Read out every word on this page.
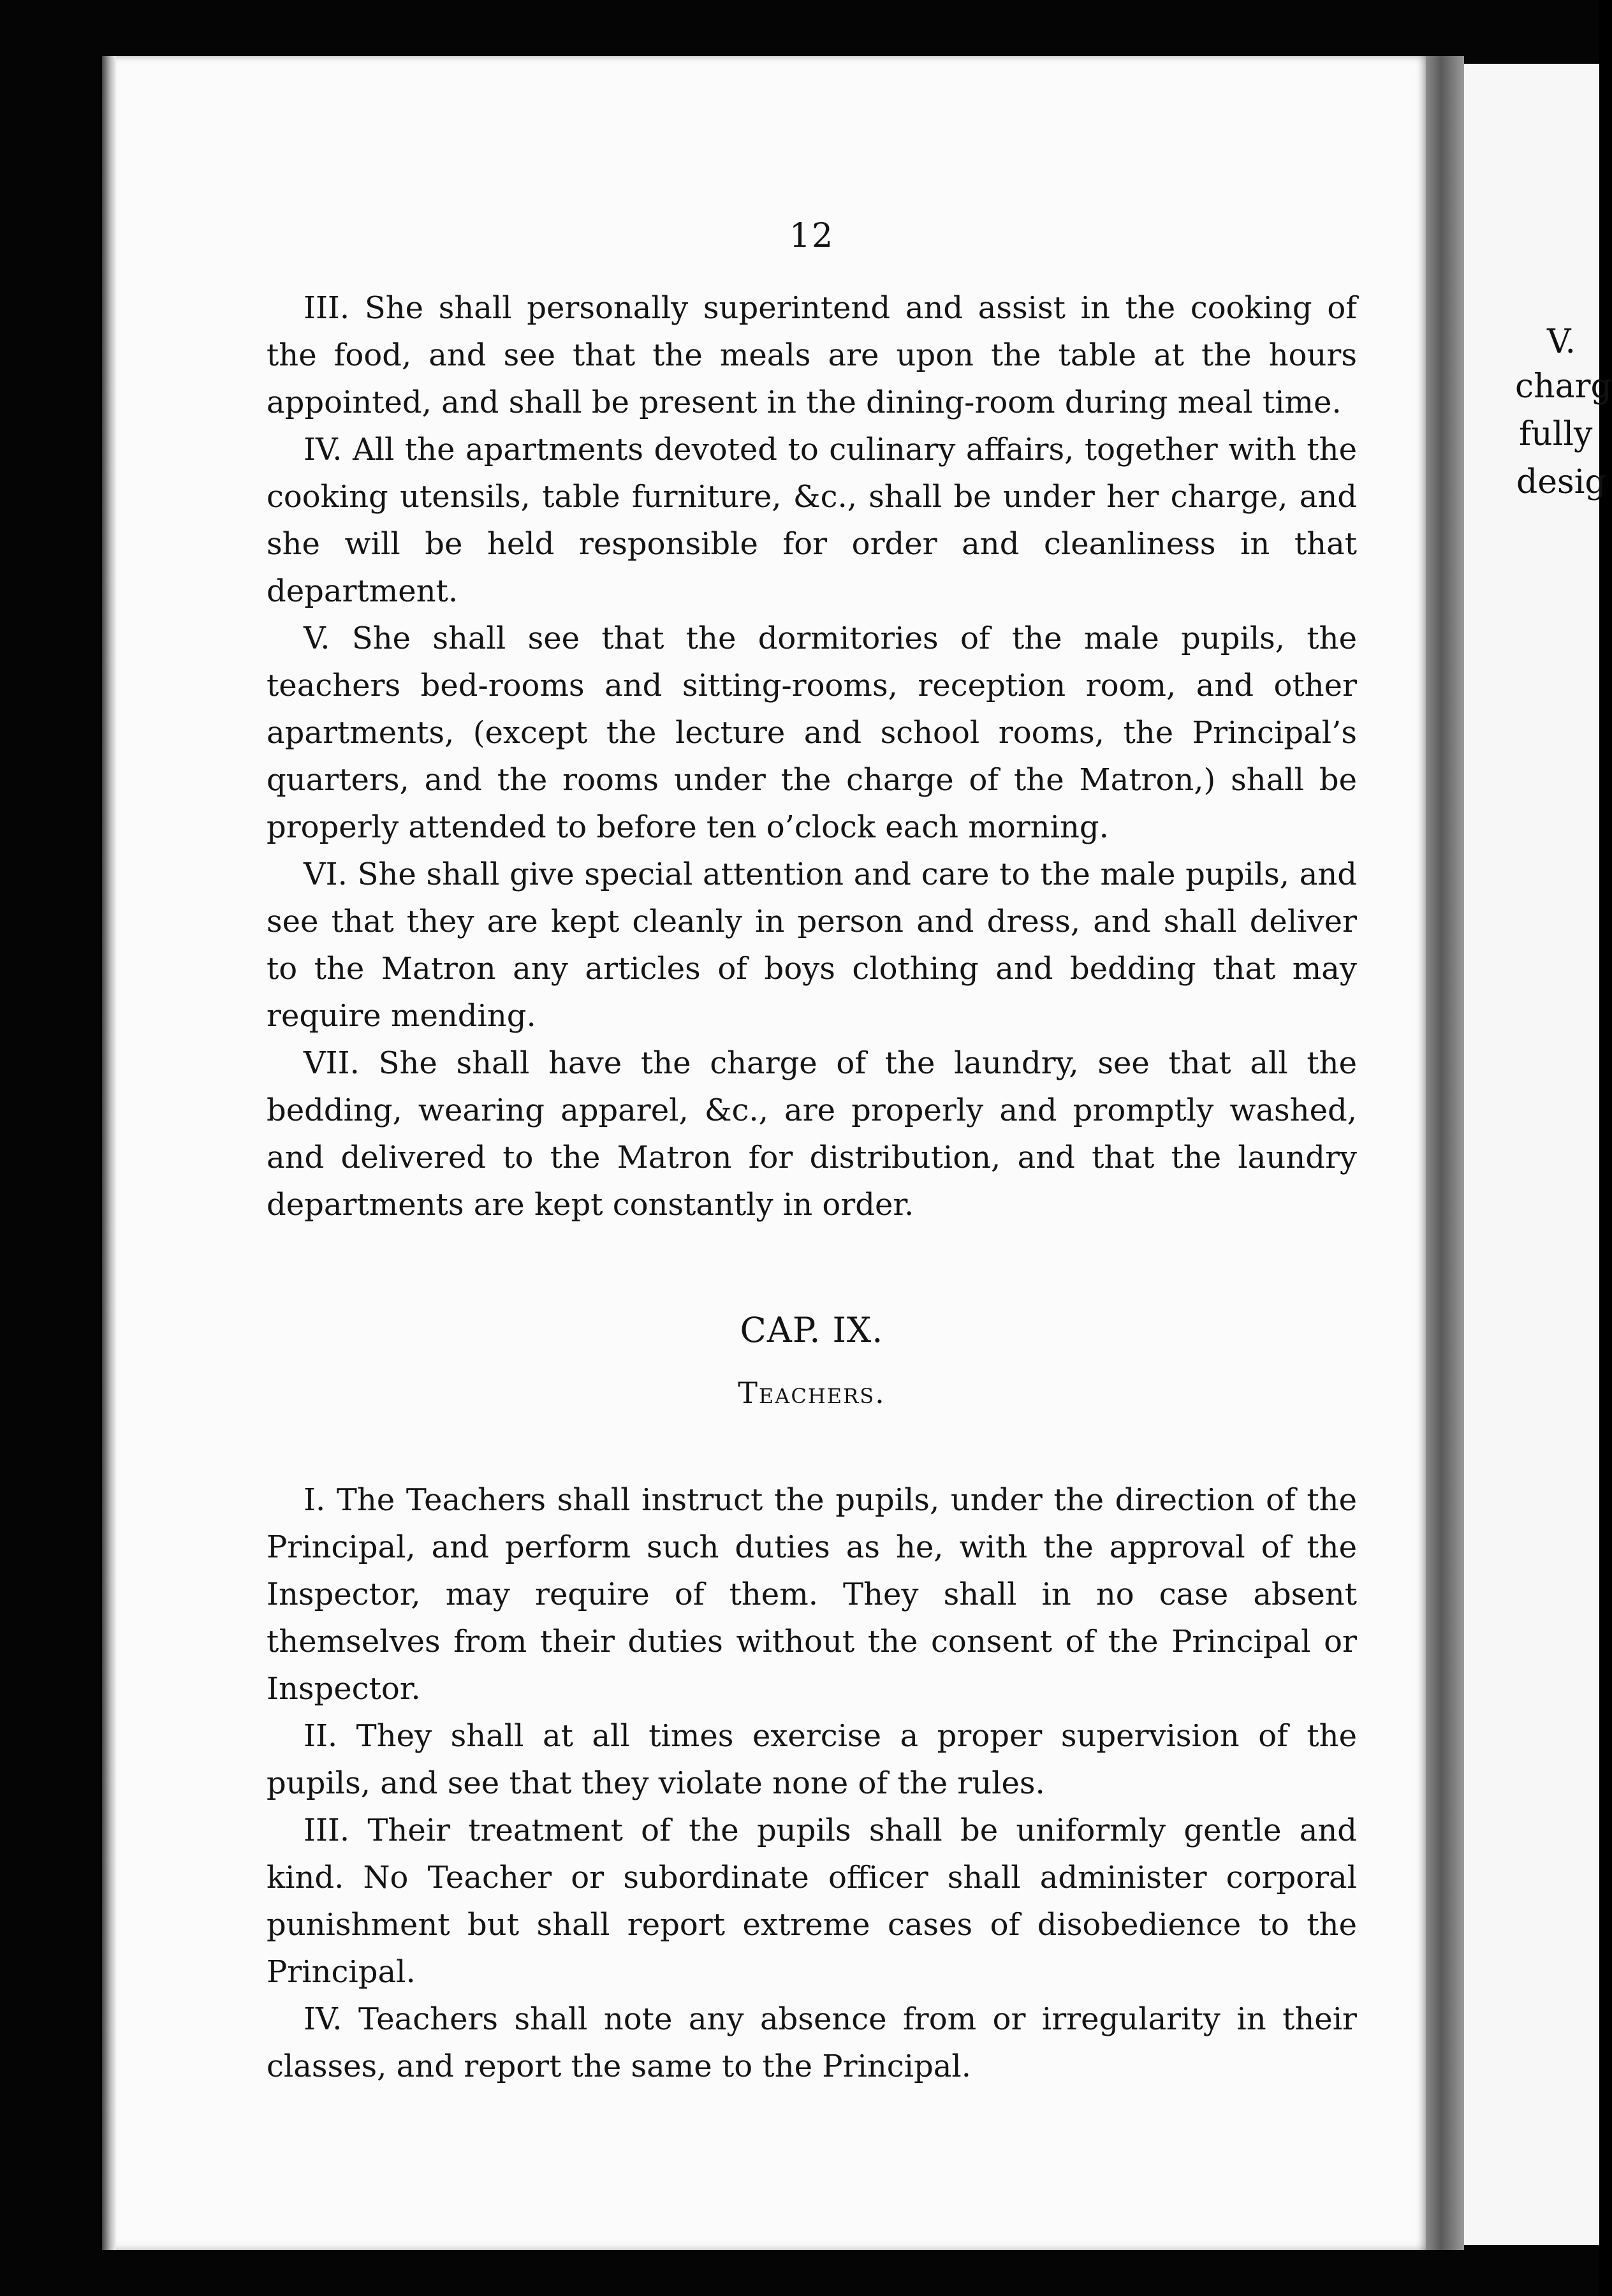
V.
charg
fully
desig
12

III. She shall personally superintend and assist in the cooking of the food, and see that the meals are upon the table at the hours appointed, and shall be present in the dining-room during meal time.

IV. All the apartments devoted to culinary affairs, together with the cooking utensils, table furniture, &c., shall be under her charge, and she will be held responsible for order and cleanliness in that department.

V. She shall see that the dormitories of the male pupils, the teachers bed-rooms and sitting-rooms, reception room, and other apartments, (except the lecture and school rooms, the Principal’s quarters, and the rooms under the charge of the Matron,) shall be properly attended to before ten o’clock each morning.

VI. She shall give special attention and care to the male pupils, and see that they are kept cleanly in person and dress, and shall deliver to the Matron any articles of boys clothing and bedding that may require mending.

VII. She shall have the charge of the laundry, see that all the bedding, wearing apparel, &c., are properly and promptly washed, and delivered to the Matron for distribution, and that the laundry departments are kept constantly in order.

CAP. IX.
Teachers.

I. The Teachers shall instruct the pupils, under the direction of the Principal, and perform such duties as he, with the approval of the Inspector, may require of them. They shall in no case absent themselves from their duties without the consent of the Principal or Inspector.

II. They shall at all times exercise a proper supervision of the pupils, and see that they violate none of the rules.

III. Their treatment of the pupils shall be uniformly gentle and kind. No Teacher or subordinate officer shall administer corporal punishment but shall report extreme cases of disobedience to the Principal.

IV. Teachers shall note any absence from or irregularity in their classes, and report the same to the Principal.
